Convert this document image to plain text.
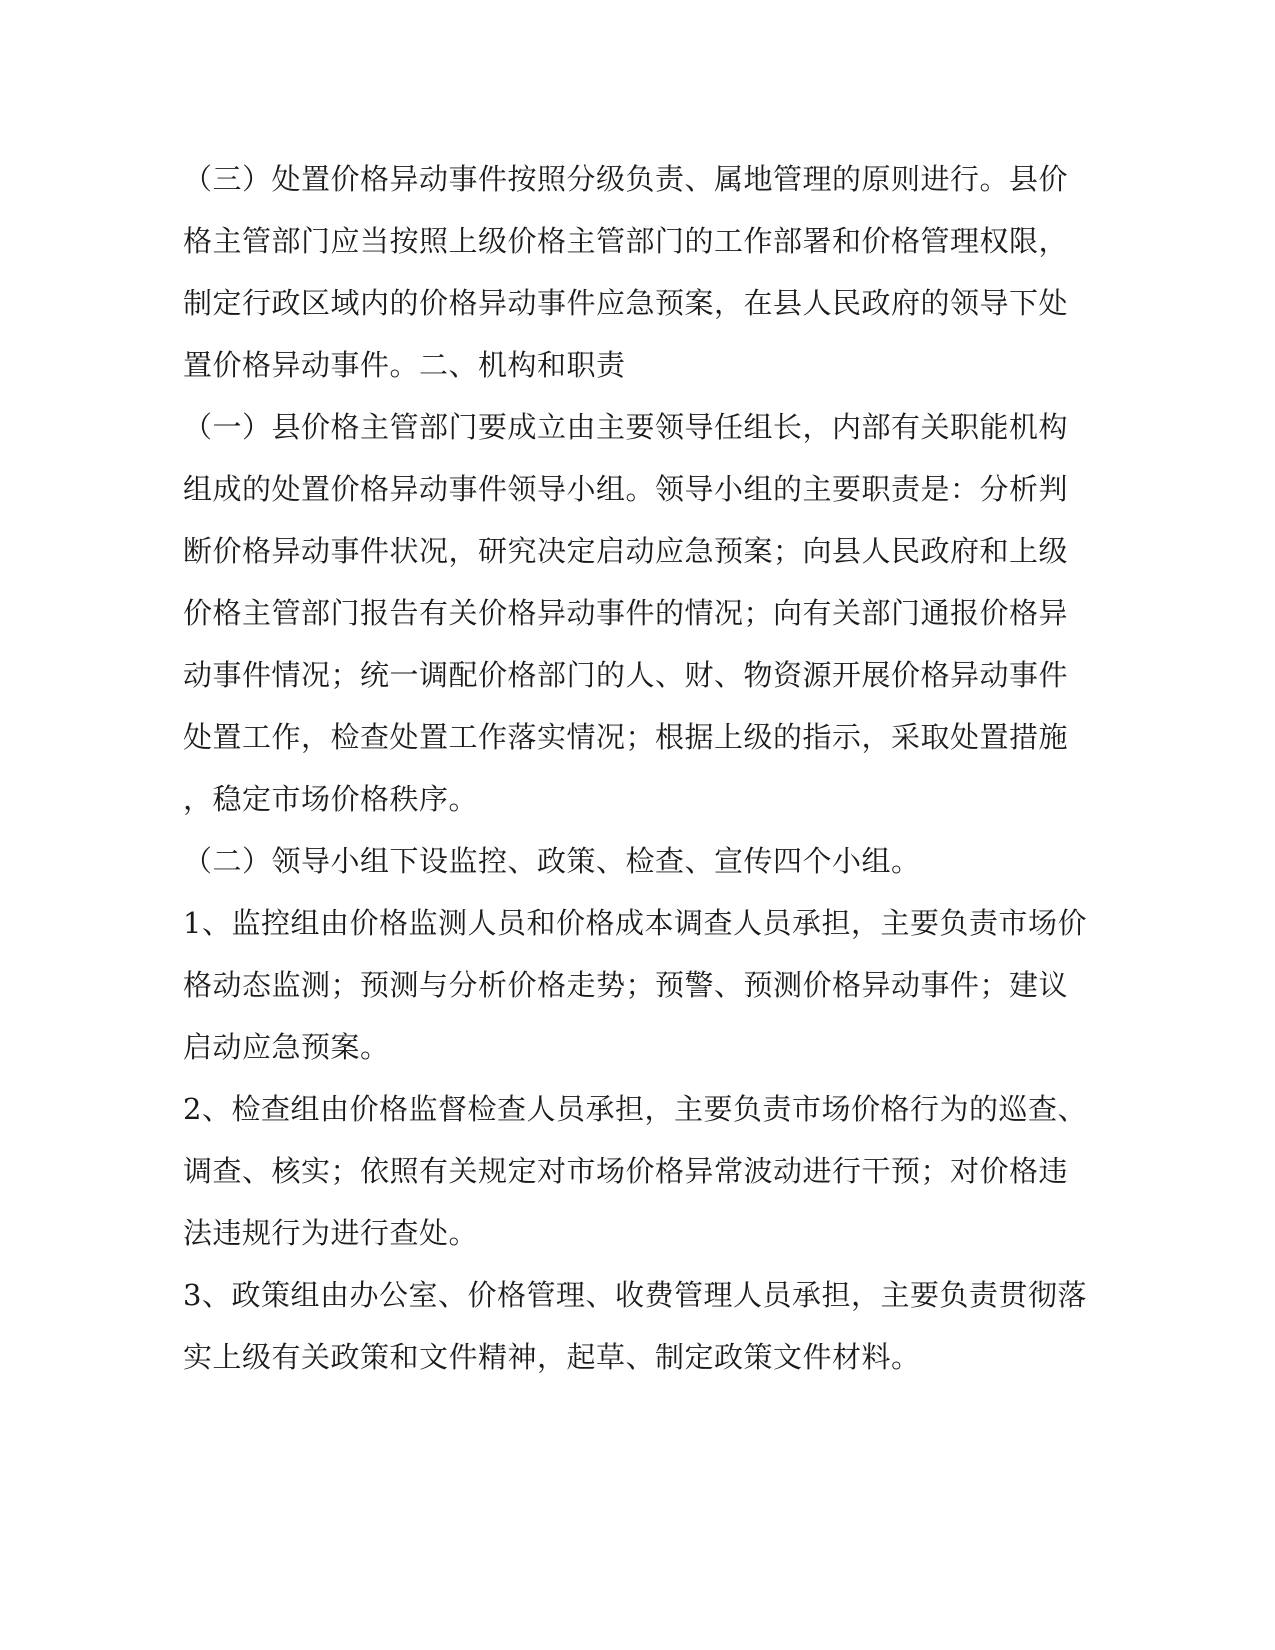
（三）处置价格异动事件按照分级负责、属地管理的原则进行。县价
格主管部门应当按照上级价格主管部门的工作部署和价格管理权限，
制定行政区域内的价格异动事件应急预案，在县人民政府的领导下处
置价格异动事件。二、机构和职责
（一）县价格主管部门要成立由主要领导任组长，内部有关职能机构
组成的处置价格异动事件领导小组。领导小组的主要职责是：分析判
断价格异动事件状况，研究决定启动应急预案；向县人民政府和上级
价格主管部门报告有关价格异动事件的情况；向有关部门通报价格异
动事件情况；统一调配价格部门的人、财、物资源开展价格异动事件
处置工作，检查处置工作落实情况；根据上级的指示，采取处置措施
，稳定市场价格秩序。
（二）领导小组下设监控、政策、检查、宣传四个小组。
1、监控组由价格监测人员和价格成本调查人员承担，主要负责市场价
格动态监测；预测与分析价格走势；预警、预测价格异动事件；建议
启动应急预案。
2、检查组由价格监督检查人员承担，主要负责市场价格行为的巡查、
调查、核实；依照有关规定对市场价格异常波动进行干预；对价格违
法违规行为进行查处。
3、政策组由办公室、价格管理、收费管理人员承担，主要负责贯彻落
实上级有关政策和文件精神，起草、制定政策文件材料。
